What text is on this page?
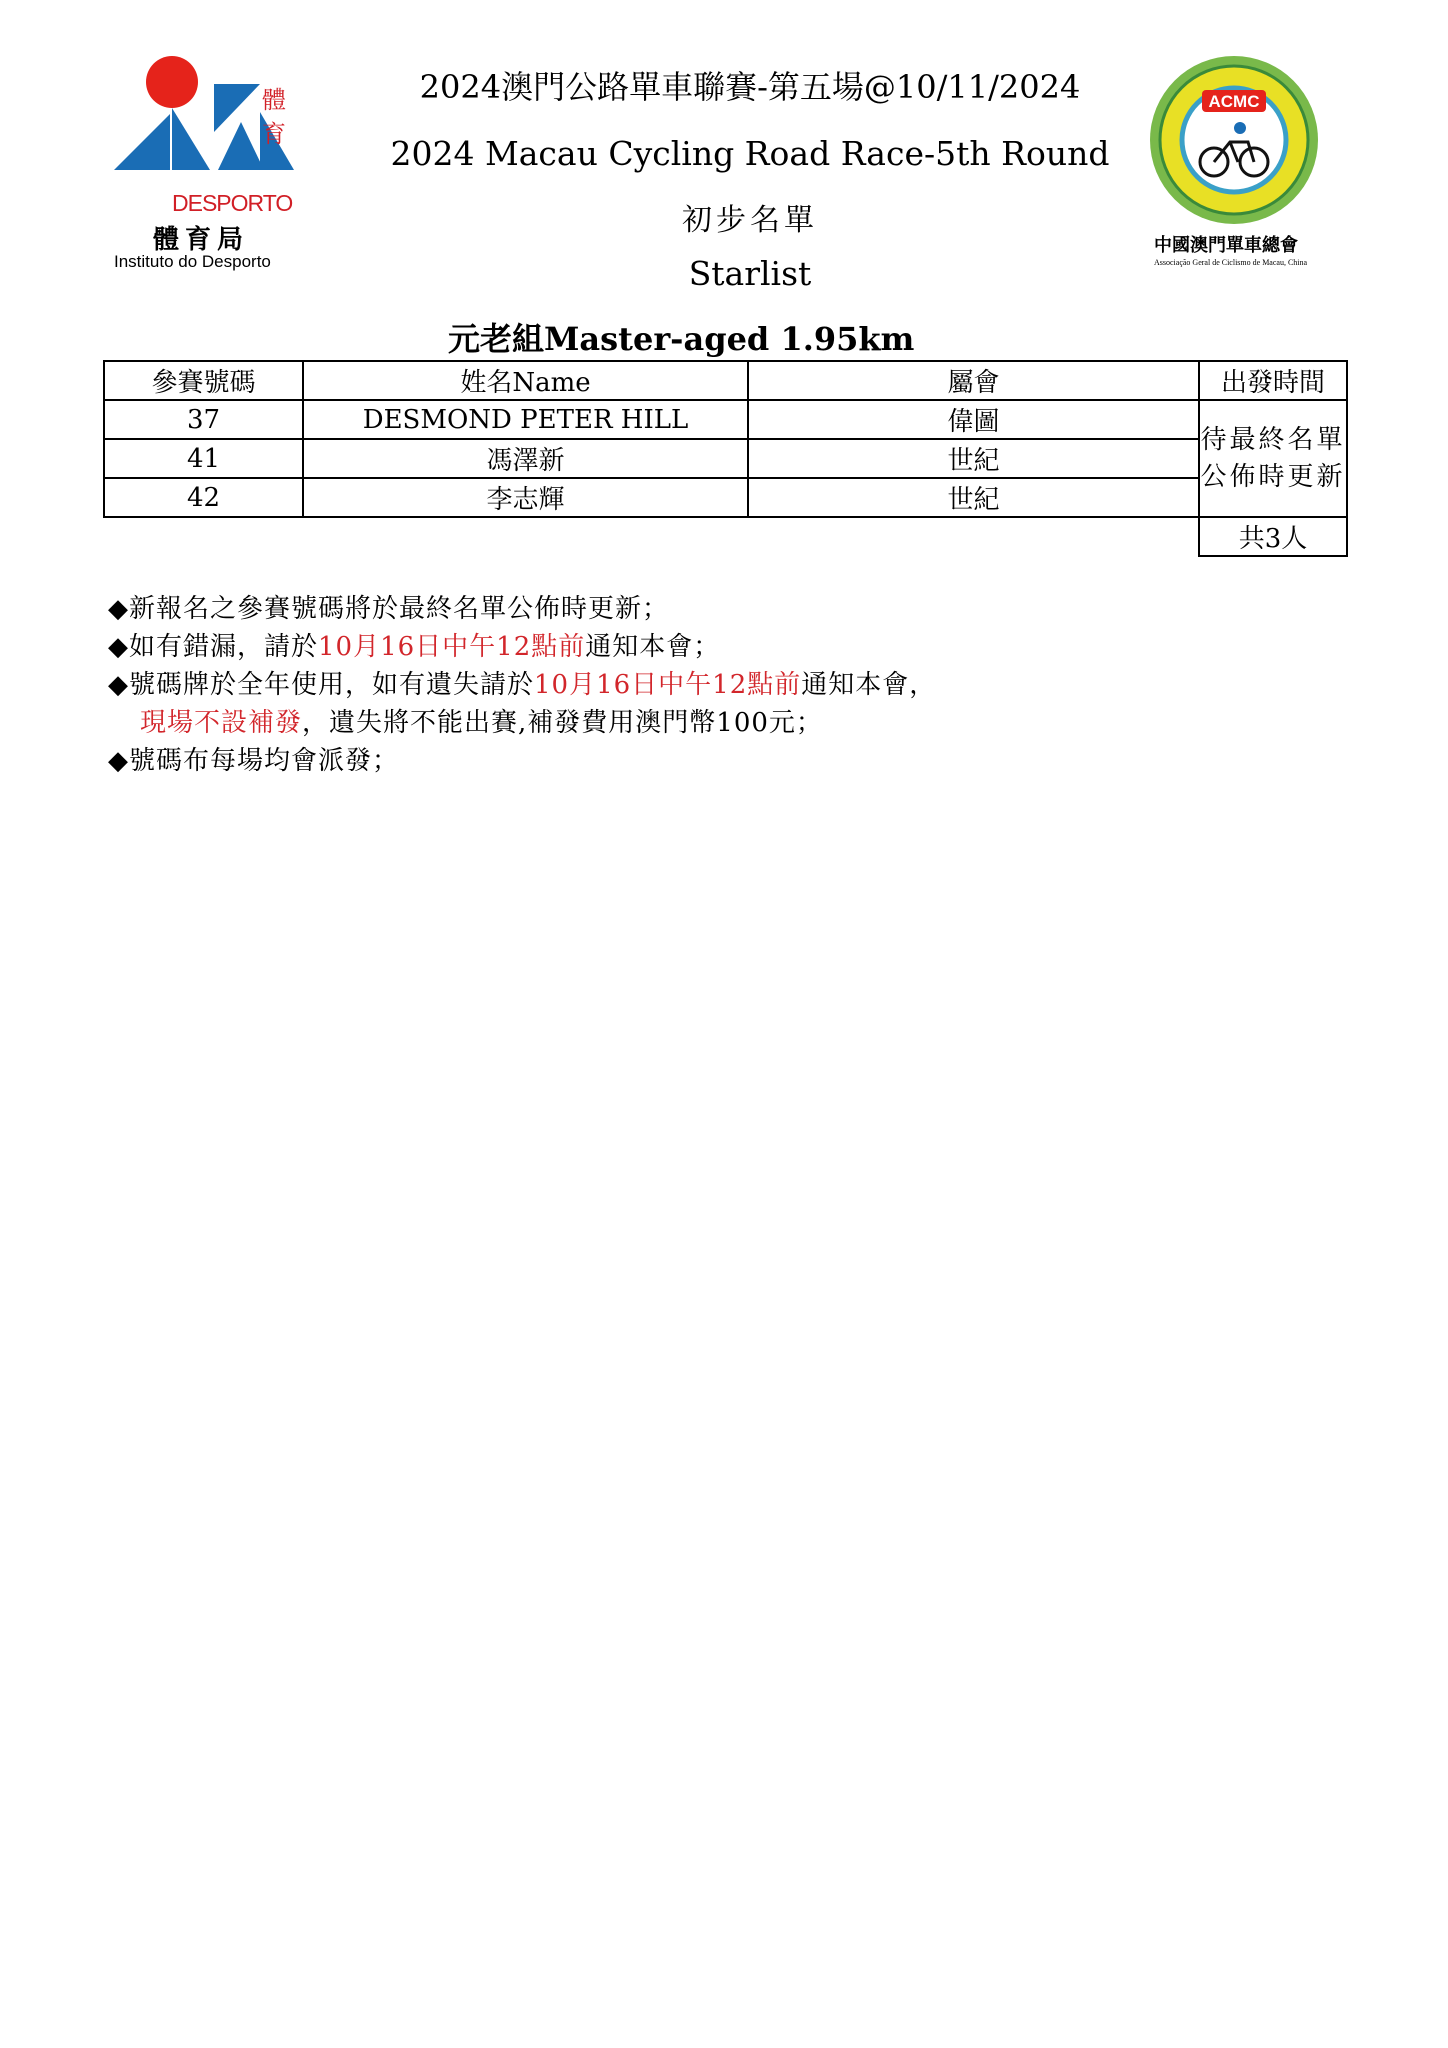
體
育
DESPORTO
體育局
Instituto do Desporto
ACMC
中國澳門單車總會
Associação Geral de Ciclismo de Macau, China
2024澳門公路單車聯賽-第五場@10/11/2024
2024 Macau Cycling Road Race-5th Round
初步名單
Starlist
元老組Master-aged 1.95km
參賽號碼	姓名Name	屬會	出發時間
37	DESMOND PETER HILL	偉圖	待最終名單公佈時更新
41	馮澤新	世紀	
42	李志輝	世紀	
			共3人
◆新報名之參賽號碼將於最終名單公佈時更新；
◆如有錯漏，請於10月16日中午12點前通知本會；
◆號碼牌於全年使用，如有遺失請於10月16日中午12點前通知本會，
現場不設補發，遺失將不能出賽,補發費用澳門幣100元；
◆號碼布每場均會派發；
